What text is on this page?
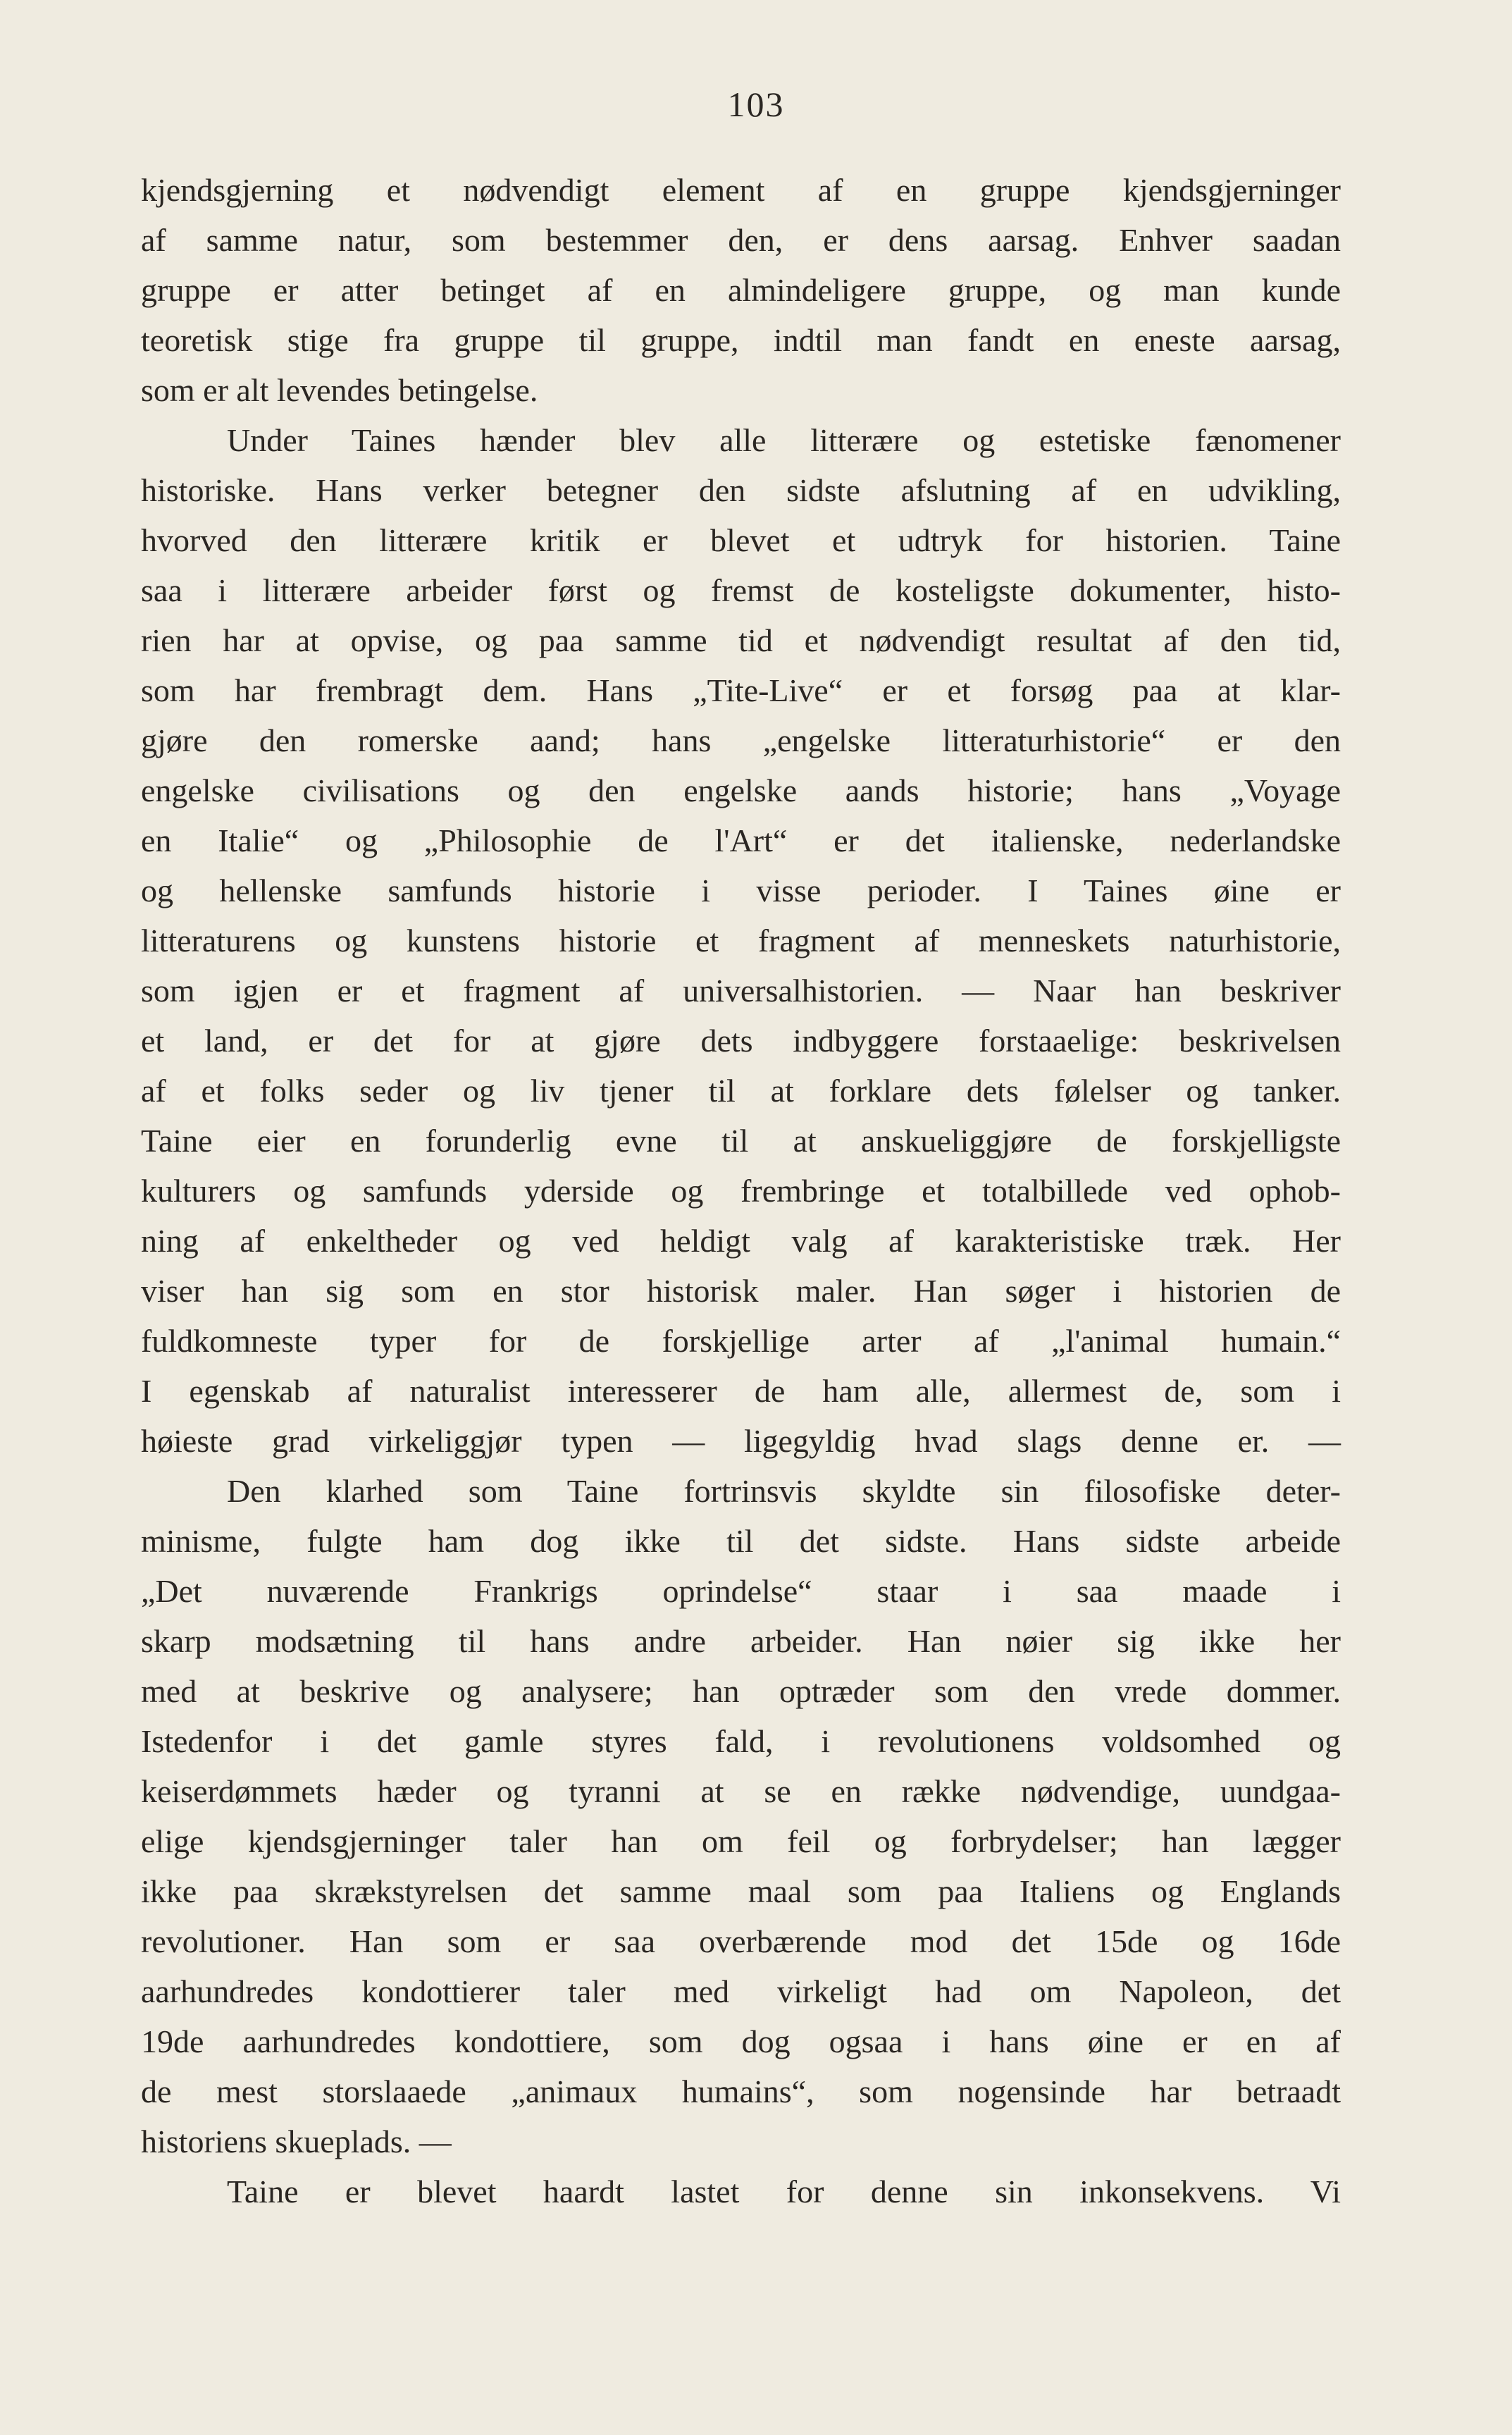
103
kjendsgjerning et nødvendigt element af en gruppe kjendsgjerninger
af samme natur, som bestemmer den, er dens aarsag. Enhver saadan
gruppe er atter betinget af en almindeligere gruppe, og man kunde
teoretisk stige fra gruppe til gruppe, indtil man fandt en eneste aarsag,
som er alt levendes betingelse.
Under Taines hænder blev alle litterære og estetiske fænomener
historiske. Hans verker betegner den sidste afslutning af en udvikling,
hvorved den litterære kritik er blevet et udtryk for historien. Taine
saa i litterære arbeider først og fremst de kosteligste dokumenter, histo-
rien har at opvise, og paa samme tid et nødvendigt resultat af den tid,
som har frembragt dem. Hans „Tite-Live“ er et forsøg paa at klar-
gjøre den romerske aand; hans „engelske litteraturhistorie“ er den
engelske civilisations og den engelske aands historie; hans „Voyage
en Italie“ og „Philosophie de l'Art“ er det italienske, nederlandske
og hellenske samfunds historie i visse perioder. I Taines øine er
litteraturens og kunstens historie et fragment af menneskets naturhistorie,
som igjen er et fragment af universalhistorien. — Naar han beskriver
et land, er det for at gjøre dets indbyggere forstaaelige: beskrivelsen
af et folks seder og liv tjener til at forklare dets følelser og tanker.
Taine eier en forunderlig evne til at anskueliggjøre de forskjelligste
kulturers og samfunds yderside og frembringe et totalbillede ved ophob-
ning af enkeltheder og ved heldigt valg af karakteristiske træk. Her
viser han sig som en stor historisk maler. Han søger i historien de
fuldkomneste typer for de forskjellige arter af „l'animal humain.“
I egenskab af naturalist interesserer de ham alle, allermest de, som i
høieste grad virkeliggjør typen — ligegyldig hvad slags denne er. —
Den klarhed som Taine fortrinsvis skyldte sin filosofiske deter-
minisme, fulgte ham dog ikke til det sidste. Hans sidste arbeide
„Det nuværende Frankrigs oprindelse“ staar i saa maade i
skarp modsætning til hans andre arbeider. Han nøier sig ikke her
med at beskrive og analysere; han optræder som den vrede dommer.
Istedenfor i det gamle styres fald, i revolutionens voldsomhed og
keiserdømmets hæder og tyranni at se en række nødvendige, uundgaa-
elige kjendsgjerninger taler han om feil og forbrydelser; han lægger
ikke paa skrækstyrelsen det samme maal som paa Italiens og Englands
revolutioner. Han som er saa overbærende mod det 15de og 16de
aarhundredes kondottierer taler med virkeligt had om Napoleon, det
19de aarhundredes kondottiere, som dog ogsaa i hans øine er en af
de mest storslaaede „animaux humains“, som nogensinde har betraadt
historiens skueplads. —
Taine er blevet haardt lastet for denne sin inkonsekvens. Vi
